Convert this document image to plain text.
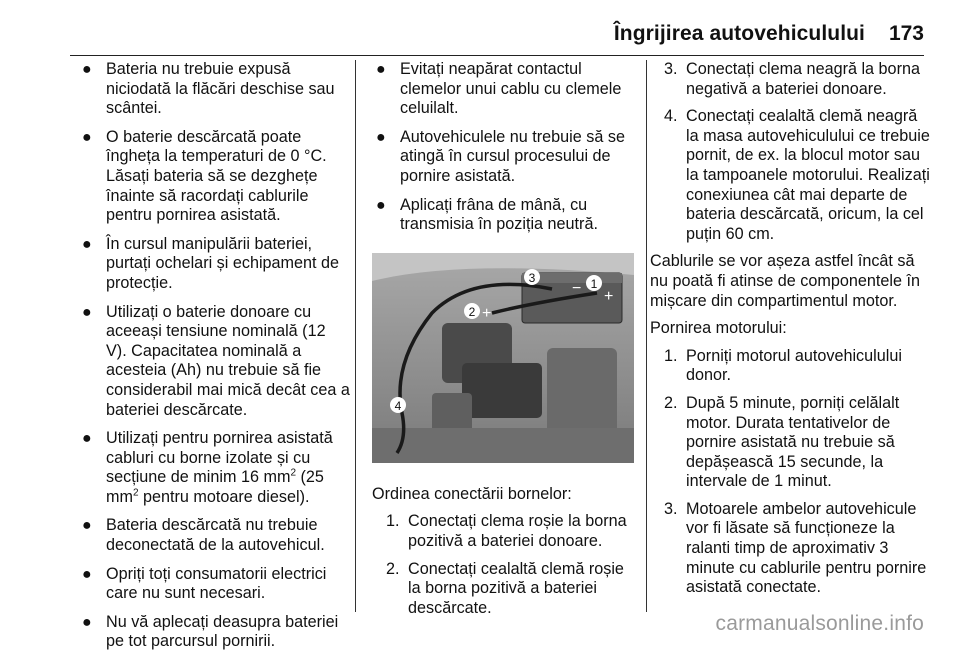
Îngrijirea autovehiculului 173
● Bateria nu trebuie expusă niciodată la flăcări deschise sau scântei.
● O baterie descărcată poate îngheța la temperaturi de 0 °C. Lăsați bateria să se dezghețe înainte să racordați cablurile pentru pornirea asistată.
● În cursul manipulării bateriei, purtați ochelari și echipament de protecție.
● Utilizați o baterie donoare cu aceeași tensiune nominală (12 V). Capacitatea nominală a acesteia (Ah) nu trebuie să fie considerabil mai mică decât cea a bateriei descărcate.
● Utilizați pentru pornirea asistată cabluri cu borne izolate și cu secțiune de minim 16 $mm^2$ (25 $mm^2$ pentru motoare diesel).
● Bateria descărcată nu trebuie deconectată de la autovehicul.
● Opriți toți consumatorii electrici care nu sunt necesari.
● Nu vă aplecați deasupra bateriei pe tot parcursul pornirii.
● Evitați neapărat contactul clemelor unui cablu cu clemele celuilalt.
● Autovehiculele nu trebuie să se atingă în cursul procesului de pornire asistată.
● Aplicați frâna de mână, cu transmisia în poziția neutră.
− +
+
3	1
2
4

Ordinea conectării bornelor:

1. Conectați clema roșie la borna pozitivă a bateriei donoare.
2. Conectați cealaltă clemă roșie la borna pozitivă a bateriei descărcate.
3. Conectați clema neagră la borna negativă a bateriei donoare.
4. Conectați cealaltă clemă neagră la masa autovehiculului ce trebuie pornit, de ex. la blocul motor sau la tampoanele motorului. Realizați conexiunea cât mai departe de bateria descărcată, oricum, la cel puțin 60 cm.

Cablurile se vor așeza astfel încât să nu poată fi atinse de componentele în mișcare din compartimentul motor.

Pornirea motorului:

1. Porniți motorul autovehiculului donor.
2. După 5 minute, porniți celălalt motor. Durata tentativelor de pornire asistată nu trebuie să depășească 15 secunde, la intervale de 1 minut.
3. Motoarele ambelor autovehicule vor fi lăsate să funcționeze la ralanti timp de aproximativ 3 minute cu cablurile pentru pornire asistată conectate.
carmanualsonline.info
